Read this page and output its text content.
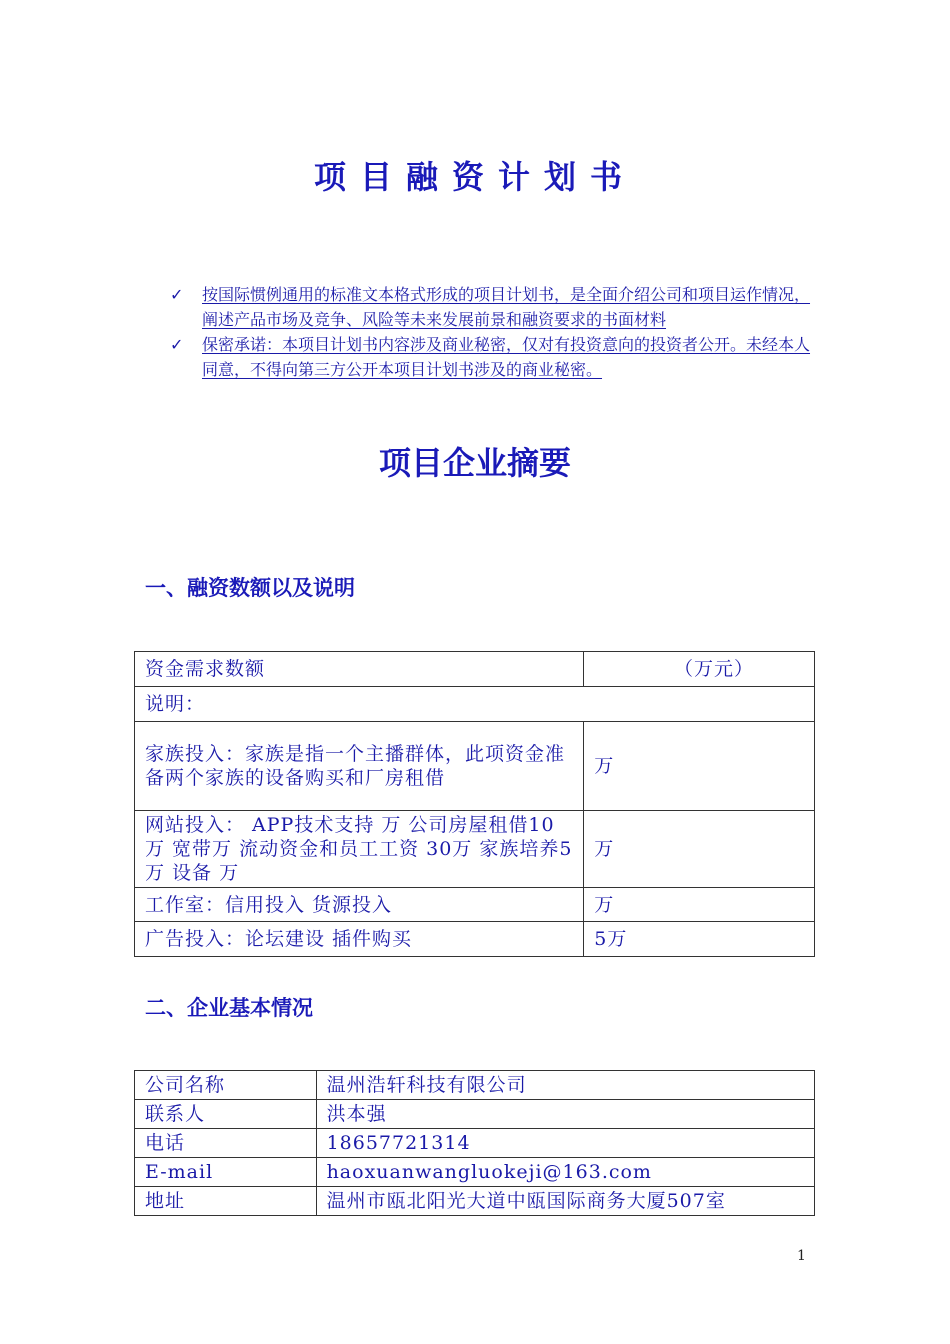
项目融资计划书
✓	按国际惯例通用的标准文本格式形成的项目计划书，是全面介绍公司和项目运作情况，阐述产品市场及竞争、风险等未来发展前景和融资要求的书面材料
✓	保密承诺：本项目计划书内容涉及商业秘密，仅对有投资意向的投资者公开。未经本人同意，不得向第三方公开本项目计划书涉及的商业秘密。
项目企业摘要
一、融资数额以及说明
资金需求数额	（万元）
说明：	
家族投入：家族是指一个主播群体，此项资金准备两个家族的设备购买和厂房租借	万
网站投入： APP技术支持 万 公司房屋租借10万 宽带万 流动资金和员工工资 30万 家族培养5万 设备 万	万
工作室：信用投入 货源投入	万
广告投入：论坛建设 插件购买	5万
二、企业基本情况
公司名称	温州浩轩科技有限公司
联系人	洪本强
电话	18657721314
E-mail	haoxuanwangluokeji@163.com
地址	温州市瓯北阳光大道中瓯国际商务大厦507室
1
